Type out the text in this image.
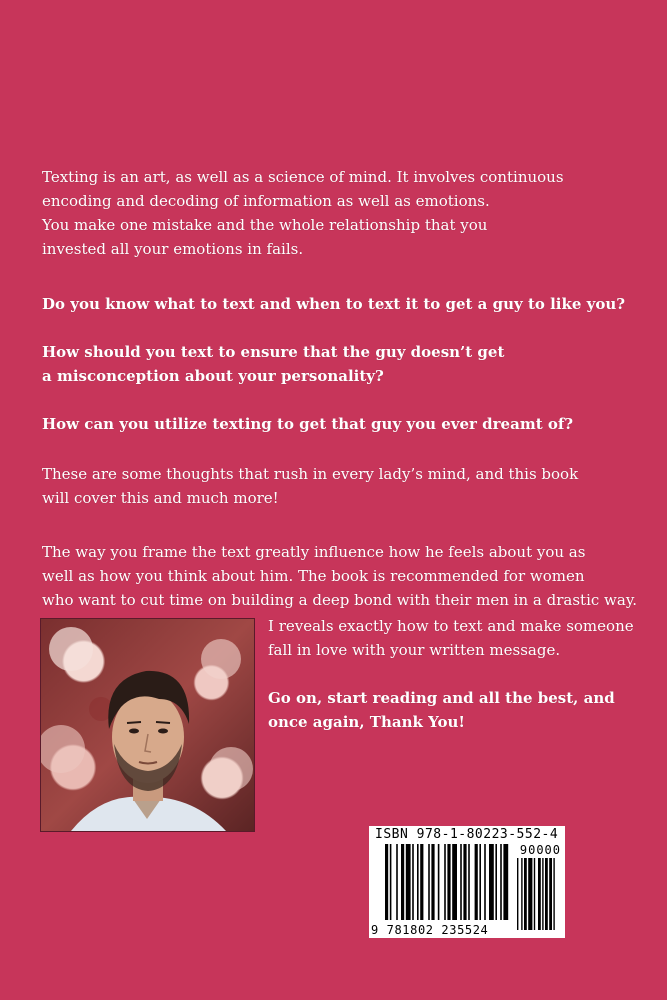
Texting is an art, as well as a science of mind. It involves continuous
encoding and decoding of information as well as emotions.
You make one mistake and the whole relationship that you
invested all your emotions in fails.

Do you know what to text and when to text it to get a guy to like you?

How should you text to ensure that the guy doesn’t get
a misconception about your personality?

How can you utilize texting to get that guy you ever dreamt of?

These are some thoughts that rush in every lady’s mind, and this book
will cover this and much more!

The way you frame the text greatly influence how he feels about you as
well as how you think about him. The book is recommended for women
who want to cut time on building a deep bond with their men in a drastic way.

I reveals exactly how to text and make someone
fall in love with your written message.

Go on, start reading and all the best, and
once again, Thank You!

ISBN 978-1-80223-552-4
90000
9 781802 235524
